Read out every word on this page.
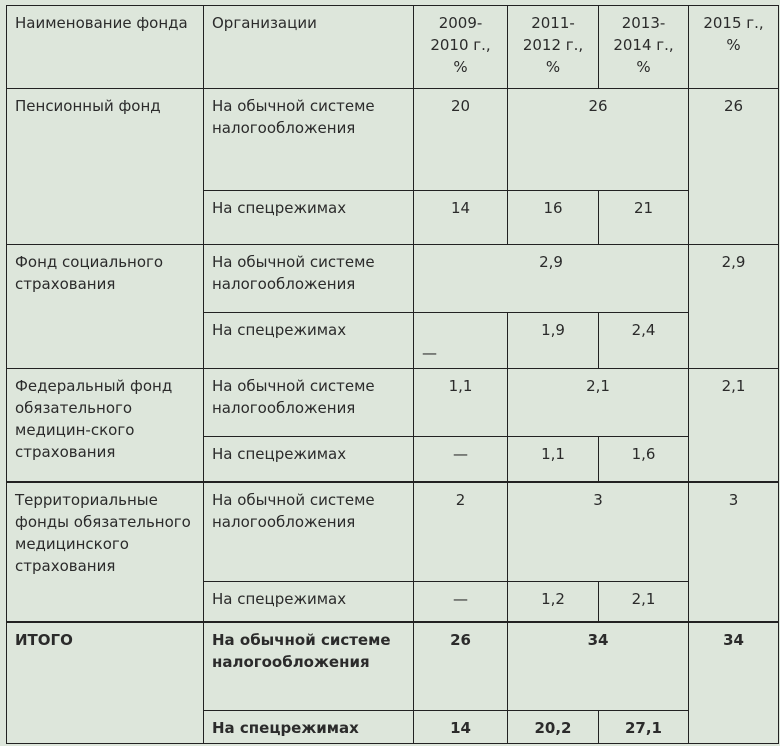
Наименование фонда	Организации	2009-2010 г., %	2011-2012 г., %	2013-2014 г., %	2015 г., %
Пенсионный фонд	На обычной системе налогообложения	20	26		26
	На спецрежимах	14	16	21	
Фонд социального страхования	На обычной системе налогообложения	2,9			2,9
	На спецрежимах	—	1,9	2,4	
Федеральный фонд обязательного медицин-ского страхования	На обычной системе налогообложения	1,1	2,1		2,1
	На спецрежимах	—	1,1	1,6	
Территориальные фонды обязательного медицинского страхования	На обычной системе налогообложения	2	3		3
	На спецрежимах	—	1,2	2,1	
ИТОГО	На обычной системе налогообложения	26	34		34
	На спецрежимах	14	20,2	27,1	
